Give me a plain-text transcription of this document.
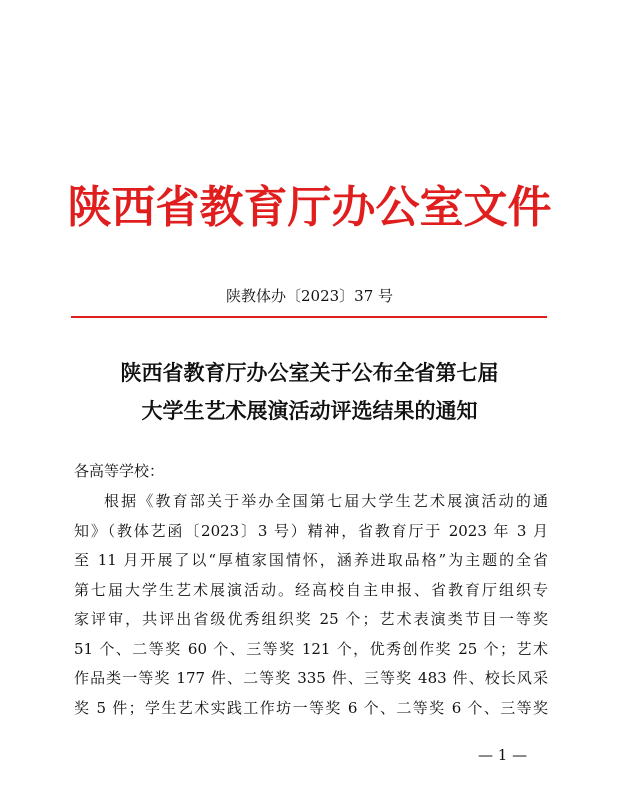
陕西省教育厅办公室文件
陕教体办〔2023〕37 号
陕西省教育厅办公室关于公布全省第七届
大学生艺术展演活动评选结果的通知
各高等学校：
根据《教育部关于举办全国第七届大学生艺术展演活动的通
知》（教体艺函〔2023〕3 号）精神，省教育厅于 2023 年 3 月
至 11 月开展了以“厚植家国情怀，涵养进取品格”为主题的全省
第七届大学生艺术展演活动。经高校自主申报、省教育厅组织专
家评审，共评出省级优秀组织奖 25 个；艺术表演类节目一等奖
51 个、二等奖 60 个、三等奖 121 个，优秀创作奖 25 个；艺术
作品类一等奖 177 件、二等奖 335 件、三等奖 483 件、校长风采
奖 5 件；学生艺术实践工作坊一等奖 6 个、二等奖 6 个、三等奖
— 1 —
